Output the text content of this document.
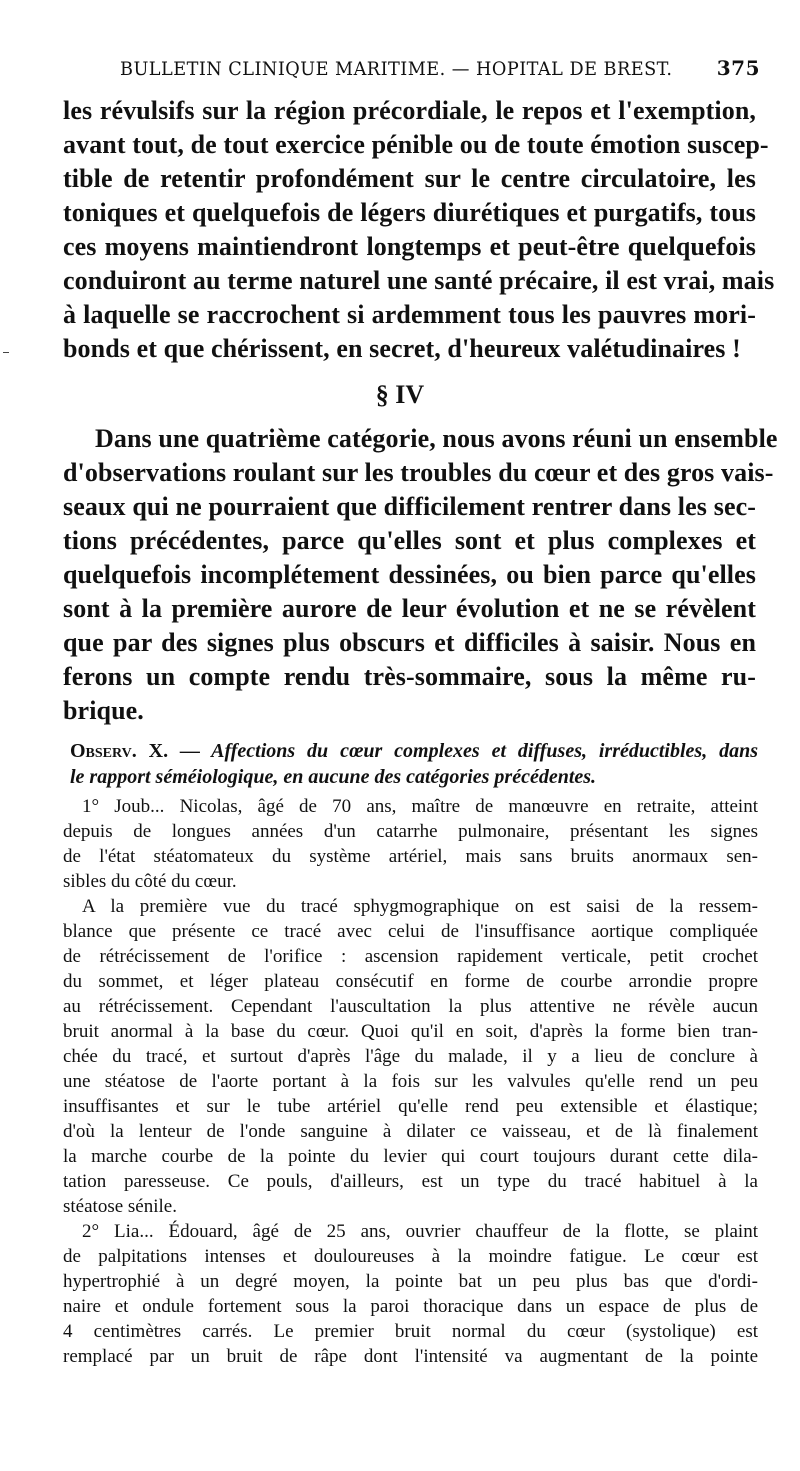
BULLETIN CLINIQUE MARITIME. — HOPITAL DE BREST. 375
les révulsifs sur la région précordiale, le repos et l'exemption,
avant tout, de tout exercice pénible ou de toute émotion suscep-
tible de retentir profondément sur le centre circulatoire, les
toniques et quelquefois de légers diurétiques et purgatifs, tous
ces moyens maintiendront longtemps et peut-être quelquefois
conduiront au terme naturel une santé précaire, il est vrai, mais
à laquelle se raccrochent si ardemment tous les pauvres mori-
bonds et que chérissent, en secret, d'heureux valétudinaires !
§ IV
Dans une quatrième catégorie, nous avons réuni un ensemble
d'observations roulant sur les troubles du cœur et des gros vais-
seaux qui ne pourraient que difficilement rentrer dans les sec-
tions précédentes, parce qu'elles sont et plus complexes et
quelquefois incomplétement dessinées, ou bien parce qu'elles
sont à la première aurore de leur évolution et ne se révèlent
que par des signes plus obscurs et difficiles à saisir. Nous en
ferons un compte rendu très-sommaire, sous la même ru-
brique.
Observ. X. — Affections du cœur complexes et diffuses, irréductibles, dans
le rapport séméiologique, en aucune des catégories précédentes.
1° Joub... Nicolas, âgé de 70 ans, maître de manœuvre en retraite, atteint
depuis de longues années d'un catarrhe pulmonaire, présentant les signes
de l'état stéatomateux du système artériel, mais sans bruits anormaux sen-
sibles du côté du cœur.
A la première vue du tracé sphygmographique on est saisi de la ressem-
blance que présente ce tracé avec celui de l'insuffisance aortique compliquée
de rétrécissement de l'orifice : ascension rapidement verticale, petit crochet
du sommet, et léger plateau consécutif en forme de courbe arrondie propre
au rétrécissement. Cependant l'auscultation la plus attentive ne révèle aucun
bruit anormal à la base du cœur. Quoi qu'il en soit, d'après la forme bien tran-
chée du tracé, et surtout d'après l'âge du malade, il y a lieu de conclure à
une stéatose de l'aorte portant à la fois sur les valvules qu'elle rend un peu
insuffisantes et sur le tube artériel qu'elle rend peu extensible et élastique;
d'où la lenteur de l'onde sanguine à dilater ce vaisseau, et de là finalement
la marche courbe de la pointe du levier qui court toujours durant cette dila-
tation paresseuse. Ce pouls, d'ailleurs, est un type du tracé habituel à la
stéatose sénile.
2° Lia... Édouard, âgé de 25 ans, ouvrier chauffeur de la flotte, se plaint
de palpitations intenses et douloureuses à la moindre fatigue. Le cœur est
hypertrophié à un degré moyen, la pointe bat un peu plus bas que d'ordi-
naire et ondule fortement sous la paroi thoracique dans un espace de plus de
4 centimètres carrés. Le premier bruit normal du cœur (systolique) est
remplacé par un bruit de râpe dont l'intensité va augmentant de la pointe
